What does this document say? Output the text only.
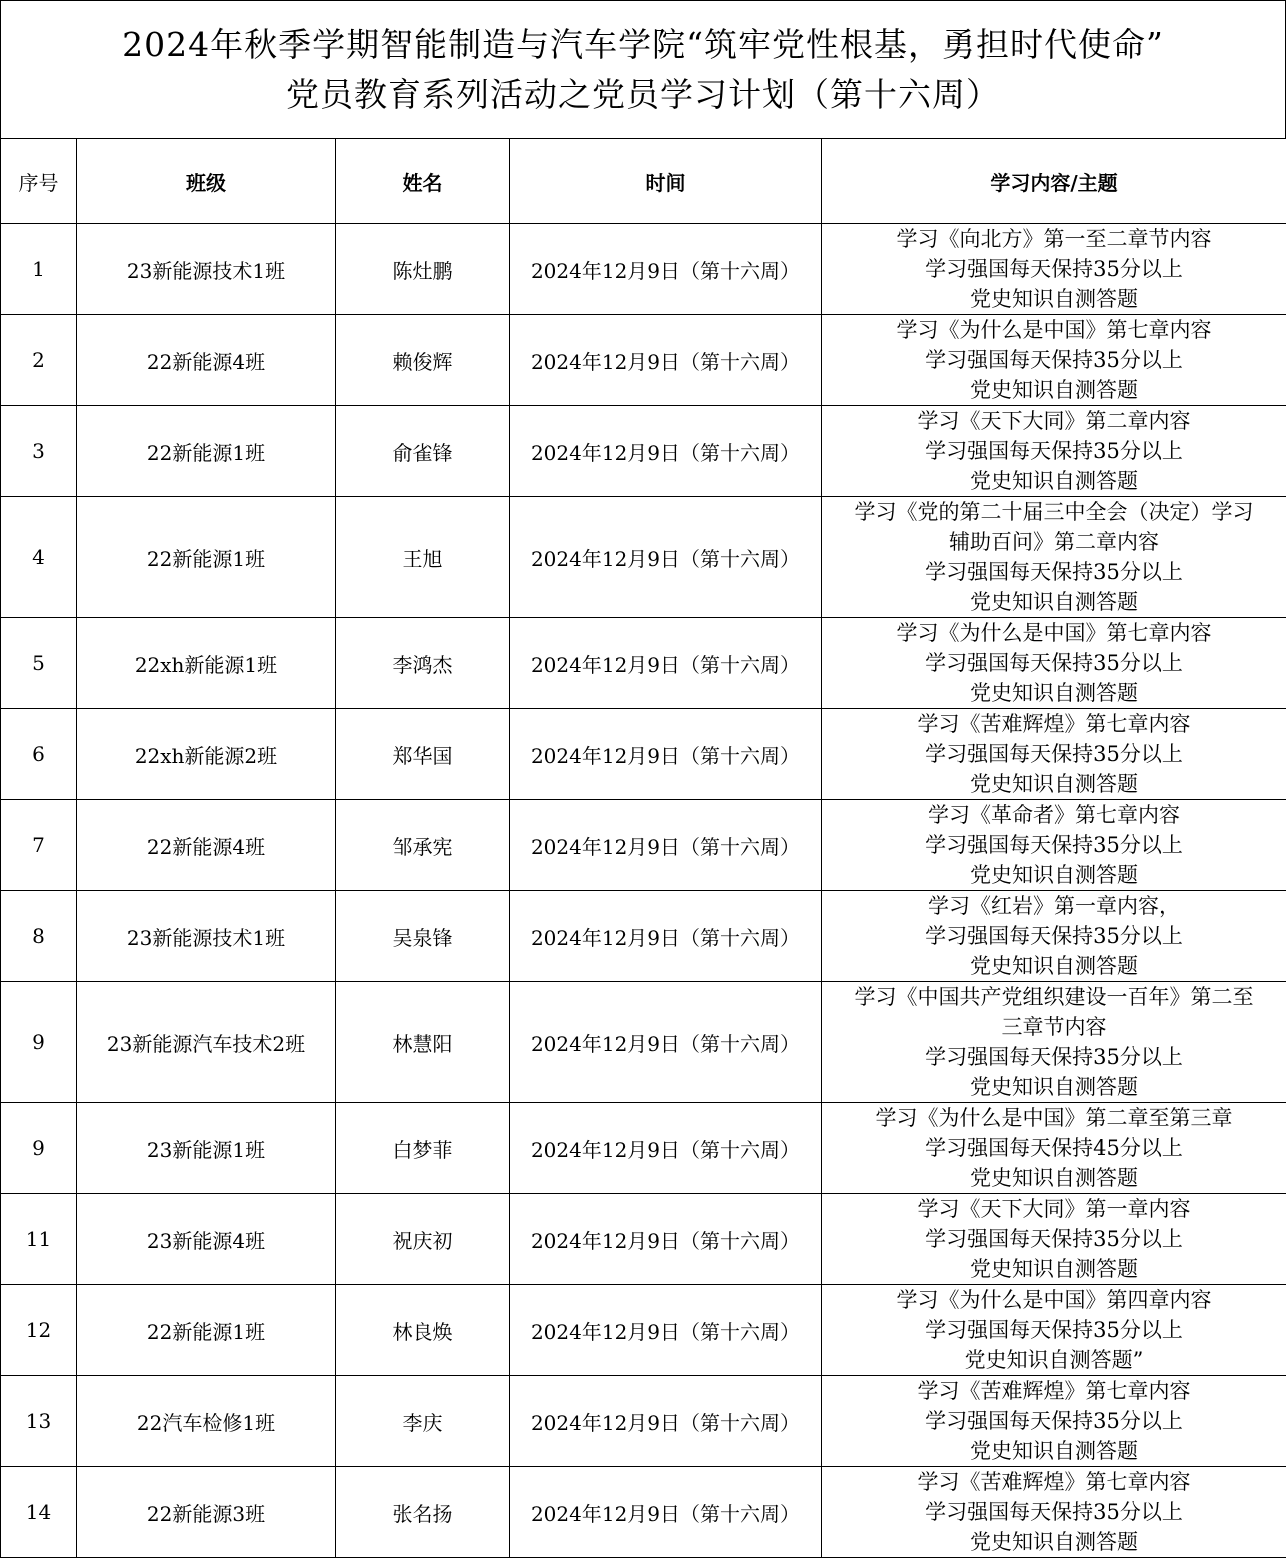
2024年秋季学期智能制造与汽车学院“筑牢党性根基，勇担时代使命”
党员教育系列活动之党员学习计划（第十六周）
序号	班级	姓名	时间	学习内容/主题
1	23新能源技术1班	陈灶鹏	2024年12月9日（第十六周）	学习《向北方》第一至二章节内容
学习强国每天保持35分以上
党史知识自测答题

2	22新能源4班	赖俊辉	2024年12月9日（第十六周）	学习《为什么是中国》第七章内容
学习强国每天保持35分以上
党史知识自测答题

3	22新能源1班	俞雀锋	2024年12月9日（第十六周）	学习《天下大同》第二章内容
学习强国每天保持35分以上
党史知识自测答题

4	22新能源1班	王旭	2024年12月9日（第十六周）	学习《党的第二十届三中全会（决定）学习
辅助百问》第二章内容
学习强国每天保持35分以上
党史知识自测答题

5	22xh新能源1班	李鸿杰	2024年12月9日（第十六周）	学习《为什么是中国》第七章内容
学习强国每天保持35分以上
党史知识自测答题

6	22xh新能源2班	郑华国	2024年12月9日（第十六周）	学习《苦难辉煌》第七章内容
学习强国每天保持35分以上
党史知识自测答题

7	22新能源4班	邹承宪	2024年12月9日（第十六周）	学习《革命者》第七章内容
学习强国每天保持35分以上
党史知识自测答题

8	23新能源技术1班	吴泉锋	2024年12月9日（第十六周）	学习《红岩》第一章内容，
学习强国每天保持35分以上
党史知识自测答题

9	23新能源汽车技术2班	林慧阳	2024年12月9日（第十六周）	学习《中国共产党组织建设一百年》第二至
三章节内容
学习强国每天保持35分以上
党史知识自测答题

9	23新能源1班	白梦菲	2024年12月9日（第十六周）	学习《为什么是中国》第二章至第三章
学习强国每天保持45分以上
党史知识自测答题

11	23新能源4班	祝庆初	2024年12月9日（第十六周）	学习《天下大同》第一章内容
学习强国每天保持35分以上
党史知识自测答题

12	22新能源1班	林良焕	2024年12月9日（第十六周）	学习《为什么是中国》第四章内容
学习强国每天保持35分以上
党史知识自测答题”

13	22汽车检修1班	李庆	2024年12月9日（第十六周）	学习《苦难辉煌》第七章内容
学习强国每天保持35分以上
党史知识自测答题

14	22新能源3班	张名扬	2024年12月9日（第十六周）	学习《苦难辉煌》第七章内容
学习强国每天保持35分以上
党史知识自测答题
